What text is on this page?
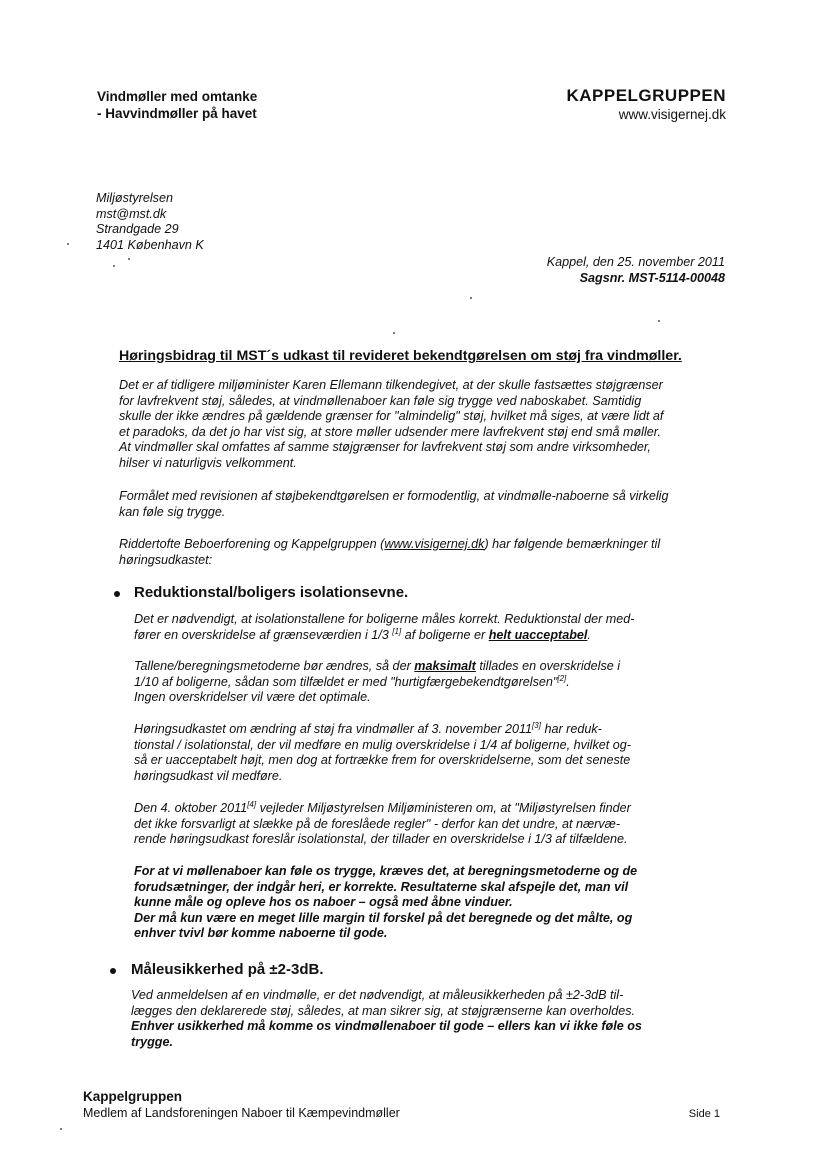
Vindmøller med omtanke
- Havvindmøller på havet
KAPPELGRUPPEN
www.visigernej.dk
Miljøstyrelsen
mst@mst.dk
Strandgade 29
1401 København K
Kappel, den 25. november 2011
Sagsnr. MST-5114-00048
Høringsbidrag til MST´s udkast til revideret bekendtgørelsen om støj fra vindmøller.
Det er af tidligere miljøminister Karen Ellemann tilkendegivet, at der skulle fastsættes støjgrænser
for lavfrekvent støj, således, at vindmøllenaboer kan føle sig trygge ved naboskabet. Samtidig
skulle der ikke ændres på gældende grænser for "almindelig" støj, hvilket må siges, at være lidt af
et paradoks, da det jo har vist sig, at store møller udsender mere lavfrekvent støj end små møller.
At vindmøller skal omfattes af samme støjgrænser for lavfrekvent støj som andre virksomheder,
hilser vi naturligvis velkomment.
Formålet med revisionen af støjbekendtgørelsen er formodentlig, at vindmølle-naboerne så virkelig
kan føle sig trygge.
Riddertofte Beboerforening og Kappelgruppen (www.visigernej.dk) har følgende bemærkninger til
høringsudkastet:
Reduktionstal/boligers isolationsevne.
Det er nødvendigt, at isolationstallene for boligerne måles korrekt. Reduktionstal der med-
fører en overskridelse af grænseværdien i 1/3 [1] af boligerne er helt uacceptabel.
Tallene/beregningsmetoderne bør ændres, så der maksimalt tillades en overskridelse i
1/10 af boligerne, sådan som tilfældet er med "hurtigfærgebekendtgørelsen"[2].
Ingen overskridelser vil være det optimale.
Høringsudkastet om ændring af støj fra vindmøller af 3. november 2011[3] har reduk-
tionstal / isolationstal, der vil medføre en mulig overskridelse i 1/4 af boligerne, hvilket og-
så er uacceptabelt højt, men dog at fortrække frem for overskridelserne, som det seneste
høringsudkast vil medføre.
Den 4. oktober 2011[4] vejleder Miljøstyrelsen Miljøministeren om, at "Miljøstyrelsen finder
det ikke forsvarligt at slække på de foreslåede regler" - derfor kan det undre, at nærvæ-
rende høringsudkast foreslår isolationstal, der tillader en overskridelse i 1/3 af tilfældene.
For at vi møllenaboer kan føle os trygge, kræves det, at beregningsmetoderne og de
forudsætninger, der indgår heri, er korrekte. Resultaterne skal afspejle det, man vil
kunne måle og opleve hos os naboer – også med åbne vinduer.
Der må kun være en meget lille margin til forskel på det beregnede og det målte, og
enhver tvivl bør komme naboerne til gode.
Måleusikkerhed på ±2-3dB.
Ved anmeldelsen af en vindmølle, er det nødvendigt, at måleusikkerheden på ±2-3dB til-
lægges den deklarerede støj, således, at man sikrer sig, at støjgrænserne kan overholdes.
Enhver usikkerhed må komme os vindmøllenaboer til gode – ellers kan vi ikke føle os
trygge.
Kappelgruppen
Medlem af Landsforeningen Naboer til Kæmpevindmøller	Side 1
